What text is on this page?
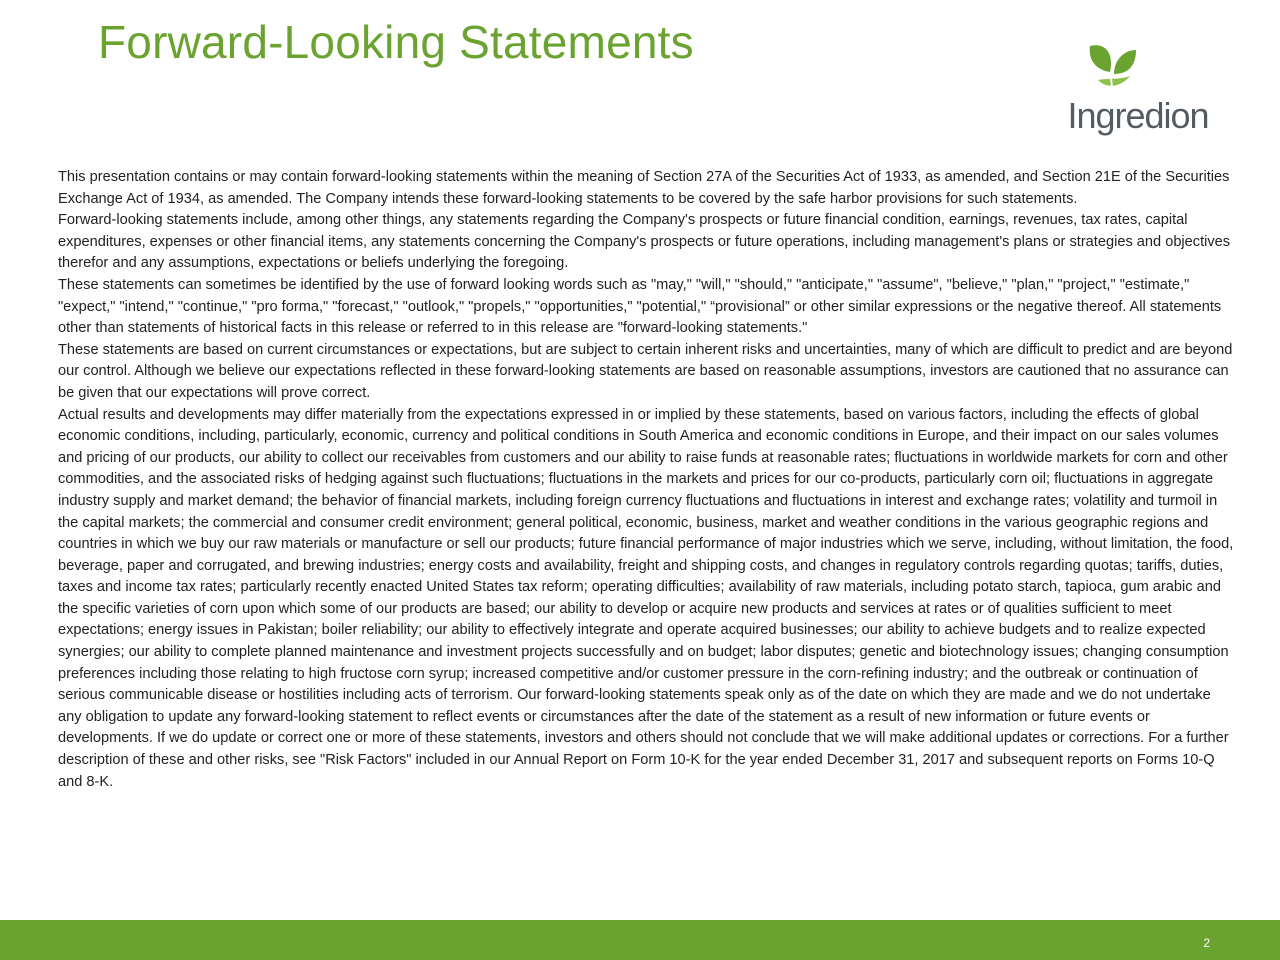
Forward-Looking Statements
Ingredion

This presentation contains or may contain forward-looking statements within the meaning of Section 27A of the Securities Act of 1933, as amended, and Section 21E of the Securities Exchange Act of 1934, as amended. The Company intends these forward-looking statements to be covered by the safe harbor provisions for such statements.

Forward-looking statements include, among other things, any statements regarding the Company's prospects or future financial condition, earnings, revenues, tax rates, capital expenditures, expenses or other financial items, any statements concerning the Company's prospects or future operations, including management's plans or strategies and objectives therefor and any assumptions, expectations or beliefs underlying the foregoing.

These statements can sometimes be identified by the use of forward looking words such as "may," "will," "should," "anticipate," "assume", "believe," "plan," "project," "estimate," "expect," "intend," "continue," "pro forma," "forecast," "outlook," "propels," "opportunities," "potential," “provisional” or other similar expressions or the negative thereof. All statements other than statements of historical facts in this release or referred to in this release are "forward-looking statements."

These statements are based on current circumstances or expectations, but are subject to certain inherent risks and uncertainties, many of which are difficult to predict and are beyond our control. Although we believe our expectations reflected in these forward-looking statements are based on reasonable assumptions, investors are cautioned that no assurance can be given that our expectations will prove correct.

Actual results and developments may differ materially from the expectations expressed in or implied by these statements, based on various factors, including the effects of global economic conditions, including, particularly, economic, currency and political conditions in South America and economic conditions in Europe, and their impact on our sales volumes and pricing of our products, our ability to collect our receivables from customers and our ability to raise funds at reasonable rates; fluctuations in worldwide markets for corn and other commodities, and the associated risks of hedging against such fluctuations; fluctuations in the markets and prices for our co-products, particularly corn oil; fluctuations in aggregate industry supply and market demand; the behavior of financial markets, including foreign currency fluctuations and fluctuations in interest and exchange rates; volatility and turmoil in the capital markets; the commercial and consumer credit environment; general political, economic, business, market and weather conditions in the various geographic regions and countries in which we buy our raw materials or manufacture or sell our products; future financial performance of major industries which we serve, including, without limitation, the food, beverage, paper and corrugated, and brewing industries; energy costs and availability, freight and shipping costs, and changes in regulatory controls regarding quotas; tariffs, duties, taxes and income tax rates; particularly recently enacted United States tax reform; operating difficulties; availability of raw materials, including potato starch, tapioca, gum arabic and the specific varieties of corn upon which some of our products are based; our ability to develop or acquire new products and services at rates or of qualities sufficient to meet expectations; energy issues in Pakistan; boiler reliability; our ability to effectively integrate and operate acquired businesses; our ability to achieve budgets and to realize expected synergies; our ability to complete planned maintenance and investment projects successfully and on budget; labor disputes; genetic and biotechnology issues; changing consumption preferences including those relating to high fructose corn syrup; increased competitive and/or customer pressure in the corn-refining industry; and the outbreak or continuation of serious communicable disease or hostilities including acts of terrorism. Our forward-looking statements speak only as of the date on which they are made and we do not undertake any obligation to update any forward-looking statement to reflect events or circumstances after the date of the statement as a result of new information or future events or developments. If we do update or correct one or more of these statements, investors and others should not conclude that we will make additional updates or corrections. For a further description of these and other risks, see "Risk Factors" included in our Annual Report on Form 10-K for the year ended December 31, 2017 and subsequent reports on Forms 10-Q and 8-K.

2
